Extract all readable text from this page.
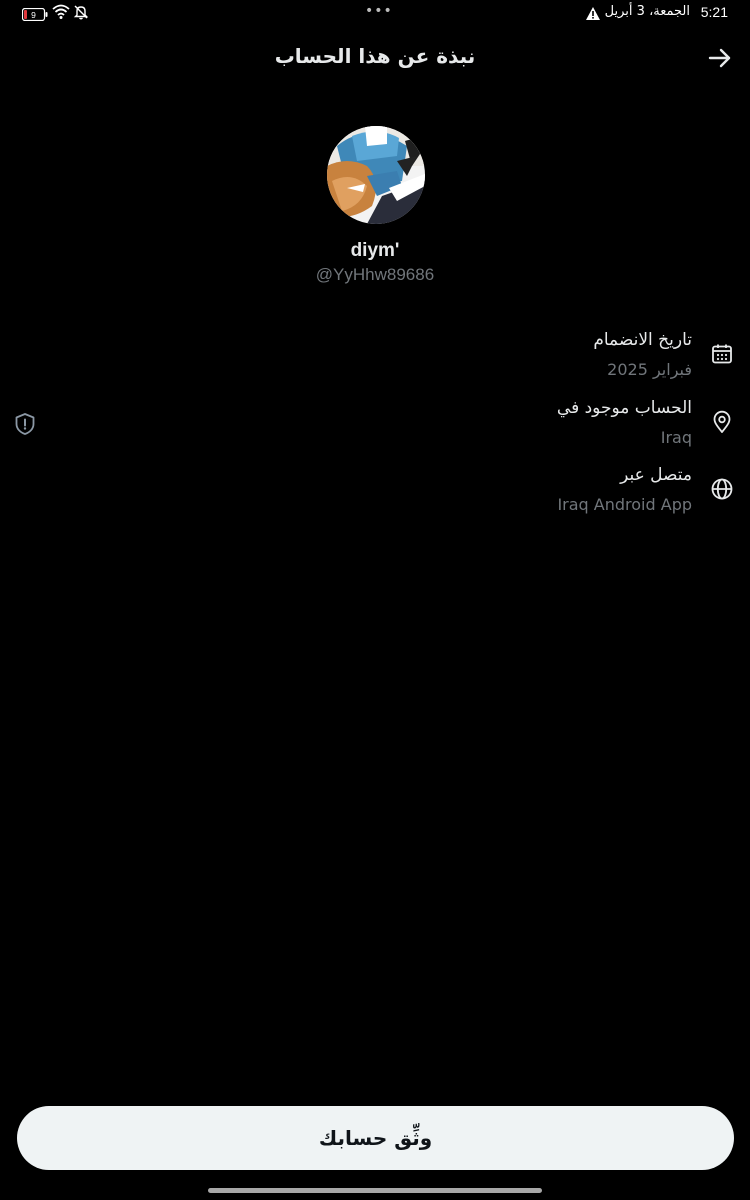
5:21
الجمعة، 3 أبريل
•••
9
نبذة عن هذا الحساب
diym'
@YyHhw89686
تاريخ الانضمام
فبراير 2025
الحساب موجود في
Iraq
متصل عبر
Iraq Android App
وثِّق حسابك
